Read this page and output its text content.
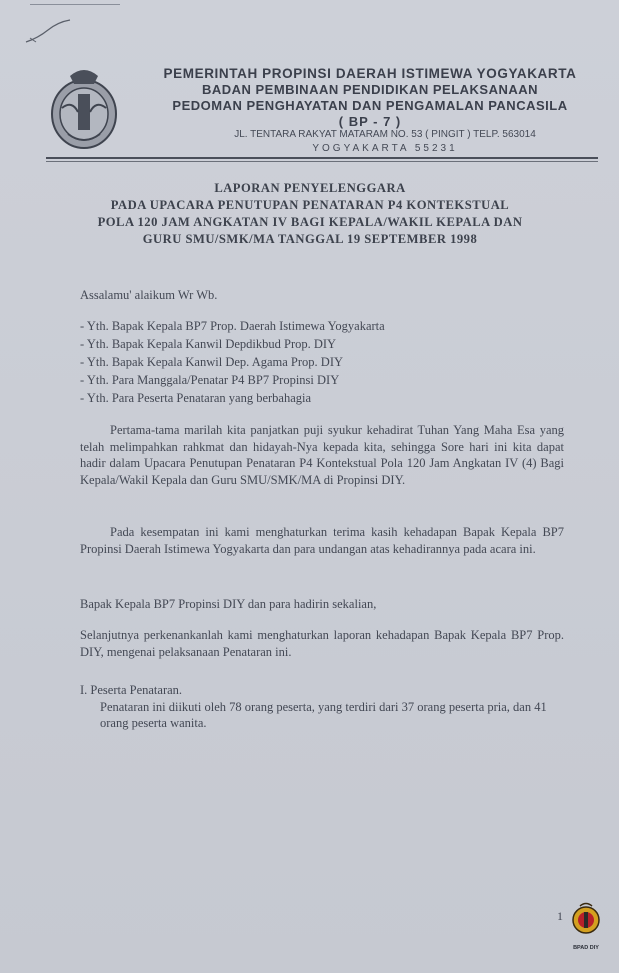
PEMERINTAH PROPINSI DAERAH ISTIMEWA YOGYAKARTA
BADAN PEMBINAAN PENDIDIKAN PELAKSANAAN
PEDOMAN PENGHAYATAN DAN PENGAMALAN PANCASILA
( BP - 7 )
JL. TENTARA RAKYAT MATARAM NO. 53 ( PINGIT ) TELP. 563014
YOGYAKARTA 55231
LAPORAN PENYELENGGARA
PADA UPACARA PENUTUPAN PENATARAN P4 KONTEKSTUAL
POLA 120 JAM ANGKATAN IV BAGI KEPALA/WAKIL KEPALA DAN
GURU SMU/SMK/MA TANGGAL 19 SEPTEMBER 1998
Assalamu' alaikum Wr Wb.
- Yth. Bapak Kepala BP7 Prop. Daerah Istimewa Yogyakarta
- Yth. Bapak Kepala Kanwil Depdikbud Prop. DIY
- Yth. Bapak Kepala Kanwil Dep. Agama Prop. DIY
- Yth. Para Manggala/Penatar P4 BP7 Propinsi DIY
- Yth. Para Peserta Penataran yang berbahagia
Pertama-tama marilah kita panjatkan puji syukur kehadirat Tuhan Yang Maha Esa yang telah melimpahkan rahkmat dan hidayah-Nya kepada kita, sehingga Sore hari ini kita dapat hadir dalam Upacara Penutupan Penataran P4 Kontekstual Pola 120 Jam Angkatan IV (4) Bagi Kepala/Wakil Kepala dan Guru SMU/SMK/MA di Propinsi DIY.
Pada kesempatan ini kami menghaturkan terima kasih kehadapan Bapak Kepala BP7 Propinsi Daerah Istimewa Yogyakarta dan para undangan atas kehadirannya pada acara ini.
Bapak Kepala BP7 Propinsi DIY dan para hadirin sekalian,
Selanjutnya perkenankanlah kami menghaturkan laporan kehadapan Bapak Kepala BP7 Prop. DIY, mengenai pelaksanaan Penataran ini.
I. Peserta Penataran.
Penataran ini diikuti oleh 78 orang peserta, yang terdiri dari 37 orang peserta pria, dan 41 orang peserta wanita.
1
BPAD DIY
